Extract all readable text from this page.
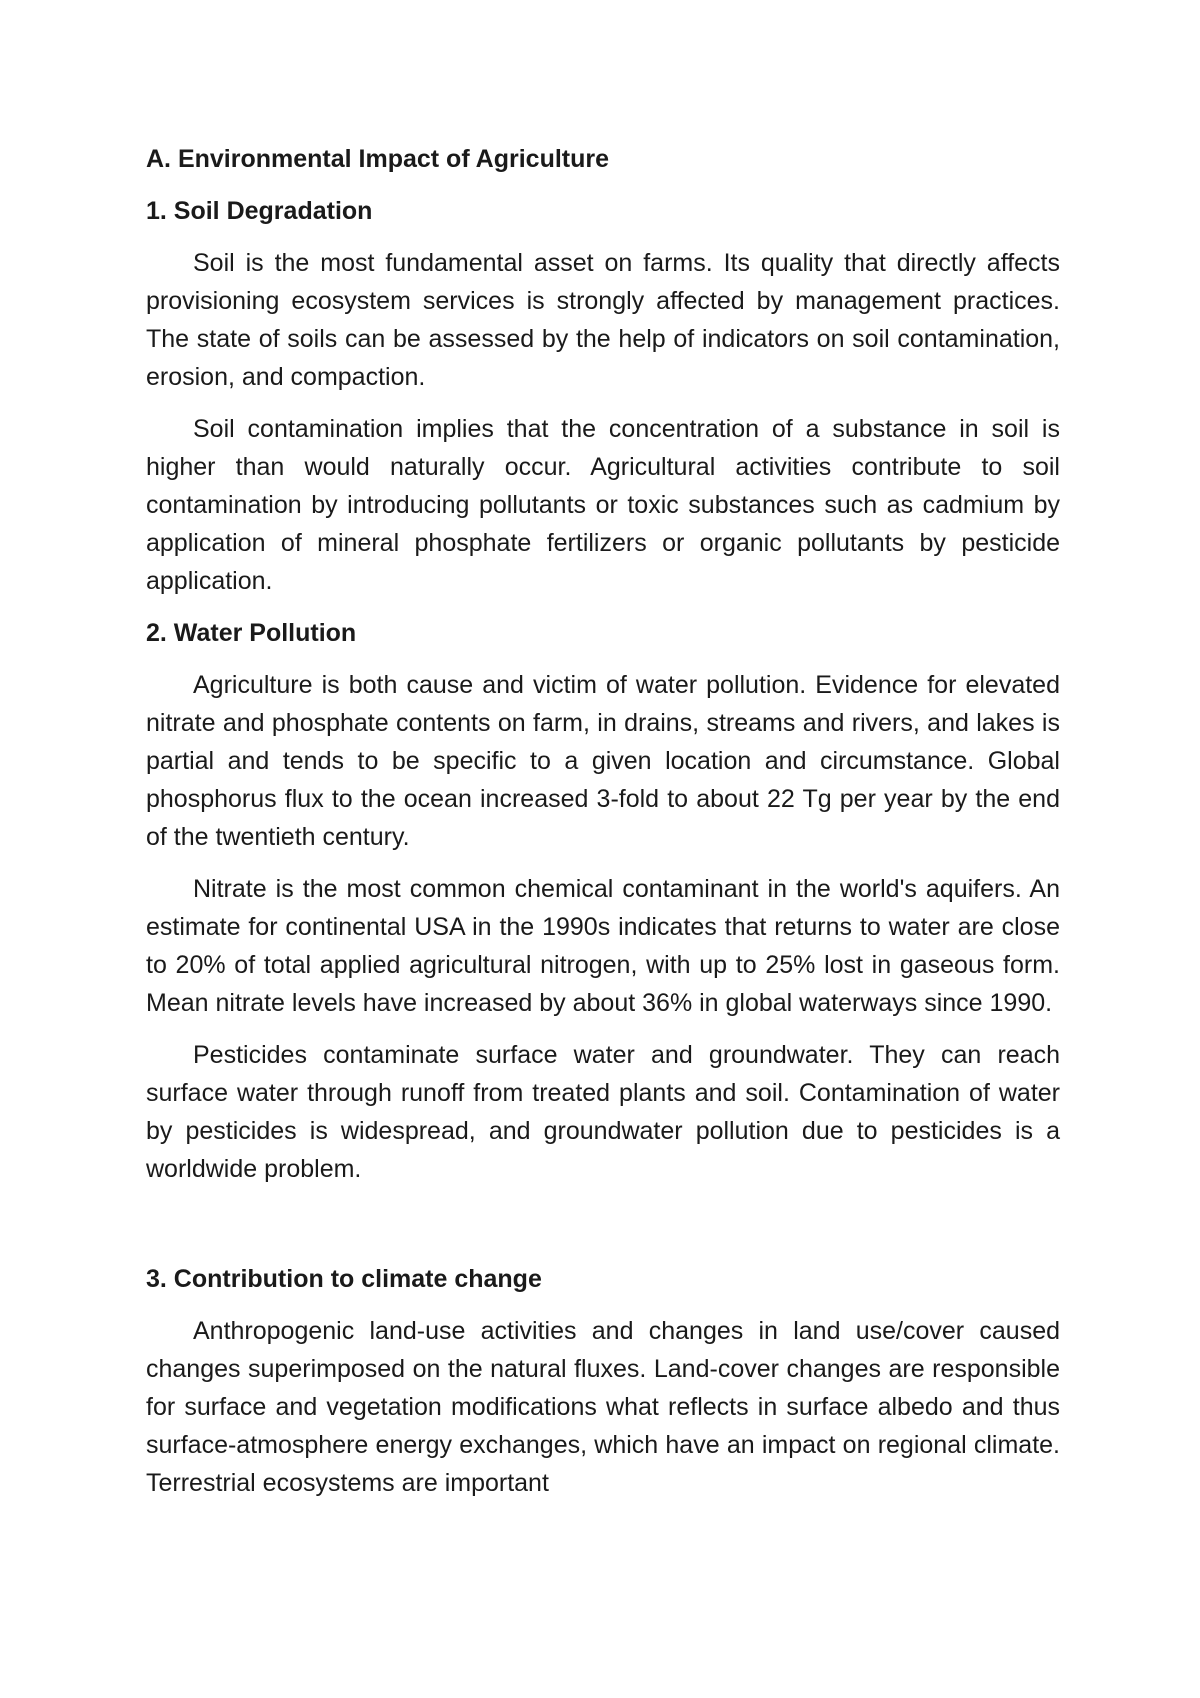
A. Environmental Impact of Agriculture
1. Soil Degradation

Soil is the most fundamental asset on farms. Its quality that directly affects provisioning ecosystem services is strongly affected by management practices. The state of soils can be assessed by the help of indicators on soil contamination, erosion, and compaction.

Soil contamination implies that the concentration of a substance in soil is higher than would naturally occur. Agricultural activities contribute to soil contamination by introducing pollutants or toxic substances such as cadmium by application of mineral phosphate fertilizers or organic pollutants by pesticide application.

2. Water Pollution

Agriculture is both cause and victim of water pollution. Evidence for elevated nitrate and phosphate contents on farm, in drains, streams and rivers, and lakes is partial and tends to be specific to a given location and circumstance. Global phosphorus flux to the ocean increased 3-fold to about 22 Tg per year by the end of the twentieth century.

Nitrate is the most common chemical contaminant in the world's aquifers. An estimate for continental USA in the 1990s indicates that returns to water are close to 20% of total applied agricultural nitrogen, with up to 25% lost in gaseous form. Mean nitrate levels have increased by about 36% in global waterways since 1990.

Pesticides contaminate surface water and groundwater. They can reach surface water through runoff from treated plants and soil. Contamination of water by pesticides is widespread, and groundwater pollution due to pesticides is a worldwide problem.

3. Contribution to climate change

Anthropogenic land-use activities and changes in land use/cover caused changes superimposed on the natural fluxes. Land-cover changes are responsible for surface and vegetation modifications what reflects in surface albedo and thus surface-atmosphere energy exchanges, which have an impact on regional climate. Terrestrial ecosystems are important
